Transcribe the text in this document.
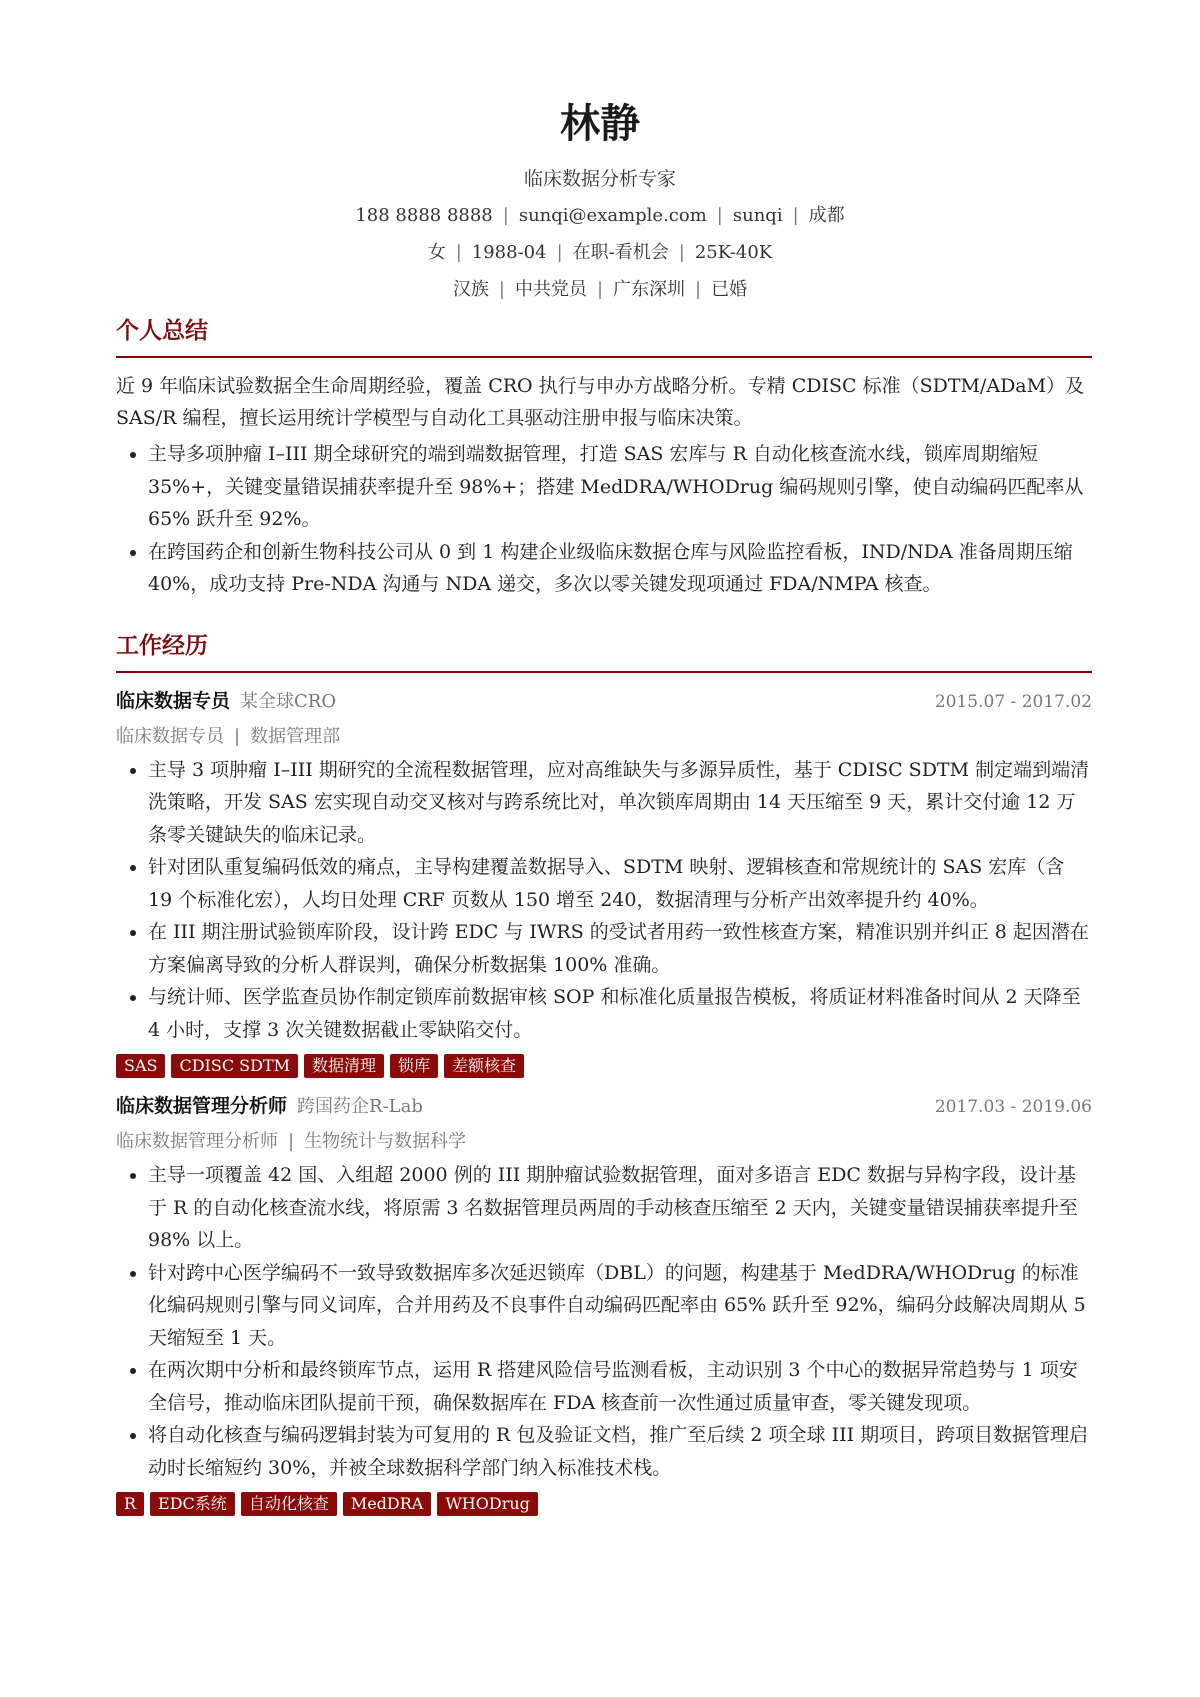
林静
临床数据分析专家
188 8888 8888 | sunqi@example.com | sunqi | 成都
女 | 1988-04 | 在职-看机会 | 25K-40K
汉族 | 中共党员 | 广东深圳 | 已婚
个人总结
近 9 年临床试验数据全生命周期经验，覆盖 CRO 执行与申办方战略分析。专精 CDISC 标准（SDTM/ADaM）及 SAS/R 编程，擅长运用统计学模型与自动化工具驱动注册申报与临床决策。
• 主导多项肿瘤 I–III 期全球研究的端到端数据管理，打造 SAS 宏库与 R 自动化核查流水线，锁库周期缩短 35%+，关键变量错误捕获率提升至 98%+；搭建 MedDRA/WHODrug 编码规则引擎，使自动编码匹配率从 65% 跃升至 92%。
• 在跨国药企和创新生物科技公司从 0 到 1 构建企业级临床数据仓库与风险监控看板，IND/NDA 准备周期压缩 40%，成功支持 Pre-NDA 沟通与 NDA 递交，多次以零关键发现项通过 FDA/NMPA 核查。
工作经历
临床数据专员 某全球CRO	2015.07 - 2017.02
临床数据专员 | 数据管理部
• 主导 3 项肿瘤 I–III 期研究的全流程数据管理，应对高维缺失与多源异质性，基于 CDISC SDTM 制定端到端清洗策略，开发 SAS 宏实现自动交叉核对与跨系统比对，单次锁库周期由 14 天压缩至 9 天，累计交付逾 12 万条零关键缺失的临床记录。
• 针对团队重复编码低效的痛点，主导构建覆盖数据导入、SDTM 映射、逻辑核查和常规统计的 SAS 宏库（含 19 个标准化宏），人均日处理 CRF 页数从 150 增至 240，数据清理与分析产出效率提升约 40%。
• 在 III 期注册试验锁库阶段，设计跨 EDC 与 IWRS 的受试者用药一致性核查方案，精准识别并纠正 8 起因潜在方案偏离导致的分析人群误判，确保分析数据集 100% 准确。
• 与统计师、医学监查员协作制定锁库前数据审核 SOP 和标准化质量报告模板，将质证材料准备时间从 2 天降至 4 小时，支撑 3 次关键数据截止零缺陷交付。
SAS	CDISC SDTM	数据清理	锁库	差额核查
临床数据管理分析师 跨国药企R-Lab	2017.03 - 2019.06
临床数据管理分析师 | 生物统计与数据科学
• 主导一项覆盖 42 国、入组超 2000 例的 III 期肿瘤试验数据管理，面对多语言 EDC 数据与异构字段，设计基于 R 的自动化核查流水线，将原需 3 名数据管理员两周的手动核查压缩至 2 天内，关键变量错误捕获率提升至 98% 以上。
• 针对跨中心医学编码不一致导致数据库多次延迟锁库（DBL）的问题，构建基于 MedDRA/WHODrug 的标准化编码规则引擎与同义词库，合并用药及不良事件自动编码匹配率由 65% 跃升至 92%，编码分歧解决周期从 5 天缩短至 1 天。
• 在两次期中分析和最终锁库节点，运用 R 搭建风险信号监测看板，主动识别 3 个中心的数据异常趋势与 1 项安全信号，推动临床团队提前干预，确保数据库在 FDA 核查前一次性通过质量审查，零关键发现项。
• 将自动化核查与编码逻辑封装为可复用的 R 包及验证文档，推广至后续 2 项全球 III 期项目，跨项目数据管理启动时长缩短约 30%，并被全球数据科学部门纳入标准技术栈。
R	EDC系统	自动化核查	MedDRA	WHODrug
